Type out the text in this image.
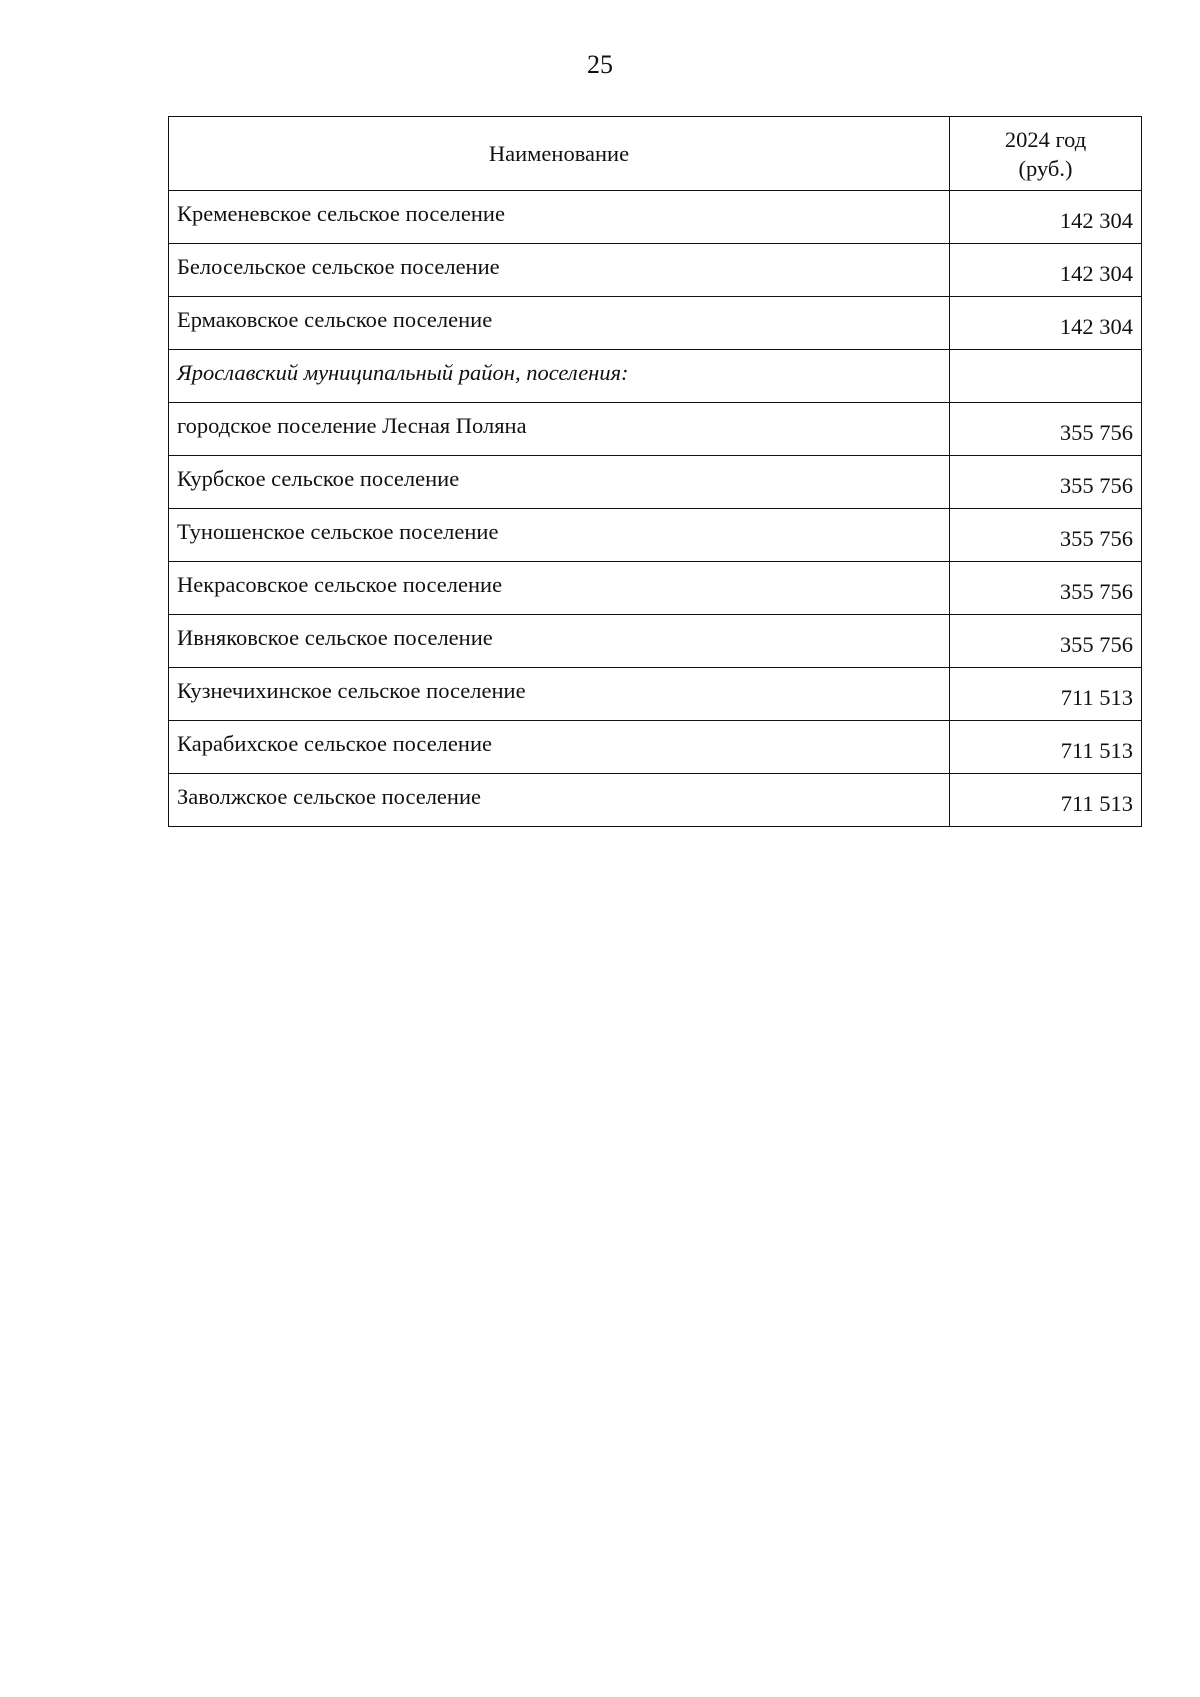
25
Наименование	2024 год
(руб.)

Кременевское сельское поселение	142 304
Белосельское сельское поселение	142 304
Ермаковское сельское поселение	142 304
Ярославский муниципальный район, поселения:	
городское поселение Лесная Поляна	355 756
Курбское сельское поселение	355 756
Туношенское сельское поселение	355 756
Некрасовское сельское поселение	355 756
Ивняковское сельское поселение	355 756
Кузнечихинское сельское поселение	711 513
Карабихское сельское поселение	711 513
Заволжское сельское поселение	711 513
